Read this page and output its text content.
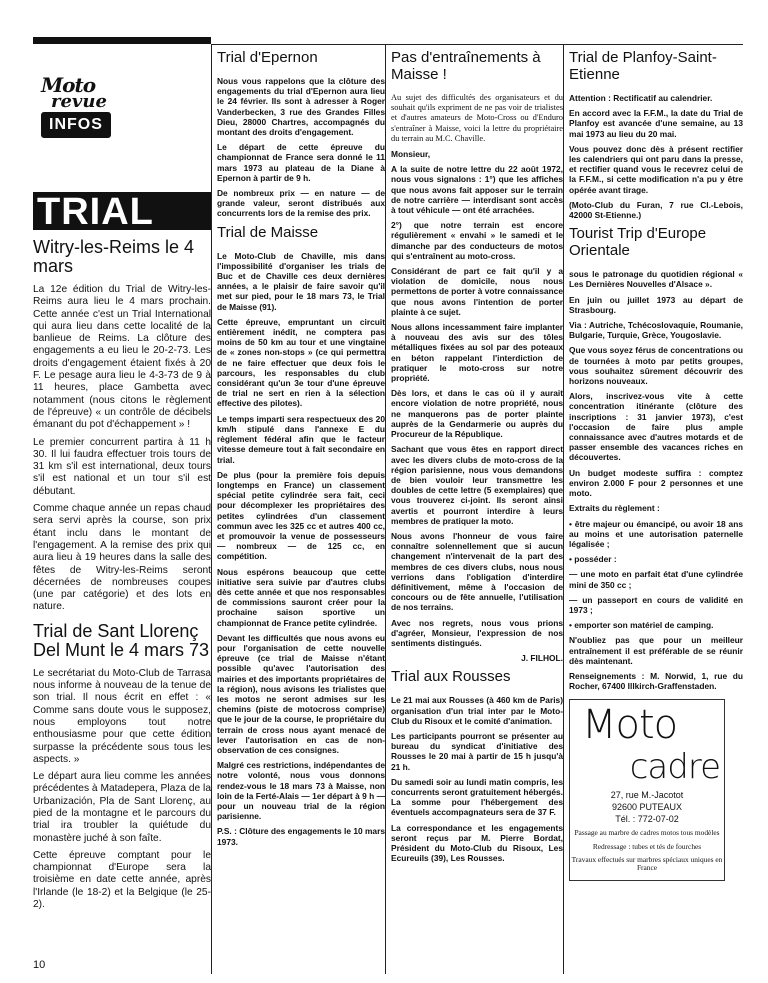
Moto
revue
INFOS
TRIAL
Witry-les-Reims le 4 mars

La 12e édition du Trial de Witry-les-Reims aura lieu le 4 mars prochain. Cette année c'est un Trial International qui aura lieu dans cette localité de la banlieue de Reims. La clôture des engagements a eu lieu le 20-2-73. Les droits d'engagement étaient fixés à 20 F. Le pesage aura lieu le 4-3-73 de 9 à 11 heures, place Gambetta avec notamment (nous citons le règlement de l'épreuve) « un contrôle de décibels émanant du pot d'échappement » !

Le premier concurrent partira à 11 h 30. Il lui faudra effectuer trois tours de 31 km s'il est international, deux tours s'il est national et un tour s'il est débutant.

Comme chaque année un repas chaud sera servi après la course, son prix étant inclu dans le montant de l'engagement. A la remise des prix qui aura lieu à 19 heures dans la salle des fêtes de Witry-les-Reims seront décernées de nombreuses coupes (une par catégorie) et des lots en nature.

Trial de Sant Llorenç Del Munt le 4 mars 73

Le secrétariat du Moto-Club de Tarrasa nous informe à nouveau de la tenue de son trial. Il nous écrit en effet : « Comme sans doute vous le supposez, nous employons tout notre enthousiasme pour que cette édition surpasse la précédente sous tous les aspects. »

Le départ aura lieu comme les années précédentes à Matadepera, Plaza de la Urbanización, Pla de Sant Llorenç, au pied de la montagne et le parcours du trial ira troubler la quiétude du monastère juché à son faîte.

Cette épreuve comptant pour le championnat d'Europe sera la troisième en date cette année, après l'Irlande (le 18-2) et la Belgique (le 25-2).

Trial d'Epernon

Nous vous rappelons que la clôture des engagements du trial d'Epernon aura lieu le 24 février. Ils sont à adresser à Roger Vanderbecken, 3 rue des Grandes Filles Dieu, 28000 Chartres, accompagnés du montant des droits d'engagement.

Le départ de cette épreuve du championnat de France sera donné le 11 mars 1973 au plateau de la Diane à Epernon à partir de 9 h.

De nombreux prix — en nature — de grande valeur, seront distribués aux concurrents lors de la remise des prix.

Trial de Maisse

Le Moto-Club de Chaville, mis dans l'impossibilité d'organiser les trials de Buc et de Chaville ces deux dernières années, a le plaisir de faire savoir qu'il met sur pied, pour le 18 mars 73, le Trial de Maisse (91).

Cette épreuve, empruntant un circuit entièrement inédit, ne comptera pas moins de 50 km au tour et une vingtaine de « zones non-stops » (ce qui permettra de ne faire effectuer que deux fois le parcours, les responsables du club considérant qu'un 3e tour d'une épreuve de trial ne sert en rien à la sélection effective des pilotes).

Le temps imparti sera respectueux des 20 km/h stipulé dans l'annexe E du règlement fédéral afin que le facteur vitesse demeure tout à fait secondaire en trial.

De plus (pour la première fois depuis longtemps en France) un classement spécial petite cylindrée sera fait, ceci pour décomplexer les propriétaires des petites cylindrées d'un classement commun avec les 325 cc et autres 400 cc, et promouvoir la venue de possesseurs — nombreux — de 125 cc, en compétition.

Nous espérons beaucoup que cette initiative sera suivie par d'autres clubs dès cette année et que nos responsables de commissions sauront créer pour la prochaine saison sportive un championnat de France petite cylindrée.

Devant les difficultés que nous avons eu pour l'organisation de cette nouvelle épreuve (ce trial de Maisse n'étant possible qu'avec l'autorisation des mairies et des importants propriétaires de la région), nous avisons les trialistes que les motos ne seront admises sur les chemins (piste de motocross comprise) que le jour de la course, le propriétaire du terrain de cross nous ayant menacé de lever l'autorisation en cas de non-observation de ces consignes.

Malgré ces restrictions, indépendantes de notre volonté, nous vous donnons rendez-vous le 18 mars 73 à Maisse, non loin de la Ferté-Alais — 1er départ à 9 h — pour un nouveau trial de la région parisienne.

P.S. : Clôture des engagements le 10 mars 1973.

Pas d'entraînements à Maisse !

Au sujet des difficultés des organisateurs et du souhait qu'ils expriment de ne pas voir de trialistes et d'autres amateurs de Moto-Cross ou d'Enduro s'entraîner à Maisse, voici la lettre du propriétaire du terrain au M.C. Chaville.

Monsieur,

A la suite de notre lettre du 22 août 1972, nous vous signalons : 1°) que les affiches que nous avons fait apposer sur le terrain de notre carrière — interdisant sont accès à tout véhicule — ont été arrachées.

2°) que notre terrain est encore régulièrement « envahi » le samedi et le dimanche par des conducteurs de motos qui s'entraînent au moto-cross.

Considérant de part ce fait qu'il y a violation de domicile, nous nous permettons de porter à votre connaissance que nous avons l'intention de porter plainte à ce sujet.

Nous allons incessamment faire implanter à nouveau des avis sur des tôles métalliques fixées au sol par des poteaux en béton rappelant l'interdiction de pratiquer le moto-cross sur notre propriété.

Dès lors, et dans le cas où il y aurait encore violation de notre propriété, nous ne manquerons pas de porter plainte auprès de la Gendarmerie ou auprès du Procureur de la République.

Sachant que vous êtes en rapport direct avec les divers clubs de moto-cross de la région parisienne, nous vous demandons de bien vouloir leur transmettre les doubles de cette lettre (5 exemplaires) que vous trouverez ci-joint. Ils seront ainsi avertis et pourront interdire à leurs membres de pratiquer la moto.

Nous avons l'honneur de vous faire connaître solennellement que si aucun changement n'intervenait de la part des membres de ces divers clubs, nous nous verrions dans l'obligation d'interdire définitivement, même à l'occasion de concours ou de fête annuelle, l'utilisation de nos terrains.

Avec nos regrets, nous vous prions d'agréer, Monsieur, l'expression de nos sentiments distingués.

J. FILHOL.

Trial aux Rousses

Le 21 mai aux Rousses (à 460 km de Paris) organisation d'un trial inter par le Moto-Club du Risoux et le comité d'animation.

Les participants pourront se présenter au bureau du syndicat d'initiative des Rousses le 20 mai à partir de 15 h jusqu'à 21 h.

Du samedi soir au lundi matin compris, les concurrents seront gratuitement hébergés. La somme pour l'hébergement des éventuels accompagnateurs sera de 37 F.

La correspondance et les engagements seront reçus par M. Pierre Bordat, Président du Moto-Club du Risoux, Les Ecureuils (39), Les Rousses.

Trial de Planfoy-Saint-Etienne

Attention : Rectificatif au calendrier.

En accord avec la F.F.M., la date du Trial de Planfoy est avancée d'une semaine, au 13 mai 1973 au lieu du 20 mai.

Vous pouvez donc dès à présent rectifier les calendriers qui ont paru dans la presse, et rectifier quand vous le recevrez celui de la F.F.M., si cette modification n'a pu y être opérée avant tirage.

(Moto-Club du Furan, 7 rue Cl.-Lebois, 42000 St-Etienne.)

Tourist Trip d'Europe Orientale

sous le patronage du quotidien régional « Les Dernières Nouvelles d'Alsace ».

En juin ou juillet 1973 au départ de Strasbourg.

Via : Autriche, Tchécoslovaquie, Roumanie, Bulgarie, Turquie, Grèce, Yougoslavie.

Que vous soyez férus de concentrations ou de tournées à moto par petits groupes, vous souhaitez sûrement découvrir des horizons nouveaux.

Alors, inscrivez-vous vite à cette concentration itinérante (clôture des inscriptions : 31 janvier 1973), c'est l'occasion de faire plus ample connaissance avec d'autres motards et de passer ensemble des vacances riches en découvertes.

Un budget modeste suffira : comptez environ 2.000 F pour 2 personnes et une moto.

Extraits du règlement :

• être majeur ou émancipé, ou avoir 18 ans au moins et une autorisation paternelle légalisée ;

• posséder :

— une moto en parfait état d'une cylindrée mini de 350 cc ;

— un passeport en cours de validité en 1973 ;

• emporter son matériel de camping.

N'oubliez pas que pour un meilleur entraînement il est préférable de se réunir dès maintenant.

Renseignements : M. Norwid, 1, rue du Rocher, 67400 Illkirch-Graffenstaden.

Moto
cadre
27, rue M.-Jacotot
92600 PUTEAUX
Tél. : 772-07-02
Passage au marbre de cadres motos tous modèles
Redressage : tubes et tés de fourches
Travaux effectués sur marbres spéciaux uniques en France
10
